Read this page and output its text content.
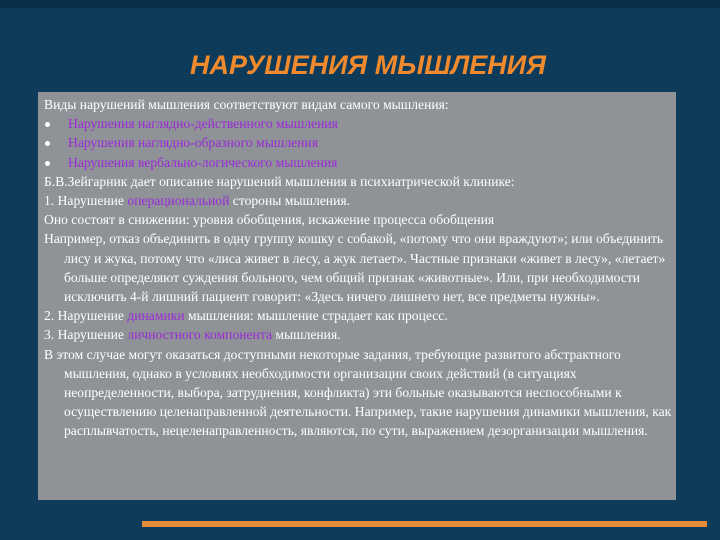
НАРУШЕНИЯ МЫШЛЕНИЯ

Виды нарушений мышления соответствуют видам самого мышления:

Нарушения наглядно-действенного мышления

Нарушения наглядно-образного мышления

Нарушения вербально-логического мышления

Б.В.Зейгарник дает описание нарушений мышления в психиатрической клинике:

1. Нарушение операциональной стороны мышления.

Оно состоят в снижении: уровня обобщения, искажение процесса обобщения

Например, отказ объединить в одну группу кошку с собакой, «потому что они враждуют»; или объединить лису и жука, потому что «лиса живет в лесу, а жук летает». Частные признаки «живет в лесу», «летает» больше определяют суждения больного, чем общий признак «животные». Или, при необходимости исключить 4-й лишний пациент говорит: «Здесь ничего лишнего нет, все предметы нужны».

2. Нарушение динамики мышления: мышление страдает как процесс.

3. Нарушение личностного компонента мышления.

В этом случае могут оказаться доступными некоторые задания, требующие развитого абстрактного мышления, однако в условиях необходимости организации своих действий (в ситуациях неопределенности, выбора, затруднения, конфликта) эти больные оказываются неспособными к осуществлению целенаправленной деятельности. Например, такие нарушения динамики мышления, как расплывчатость, нецеленаправленность, являются, по сути, выражением дезорганизации мышления.
